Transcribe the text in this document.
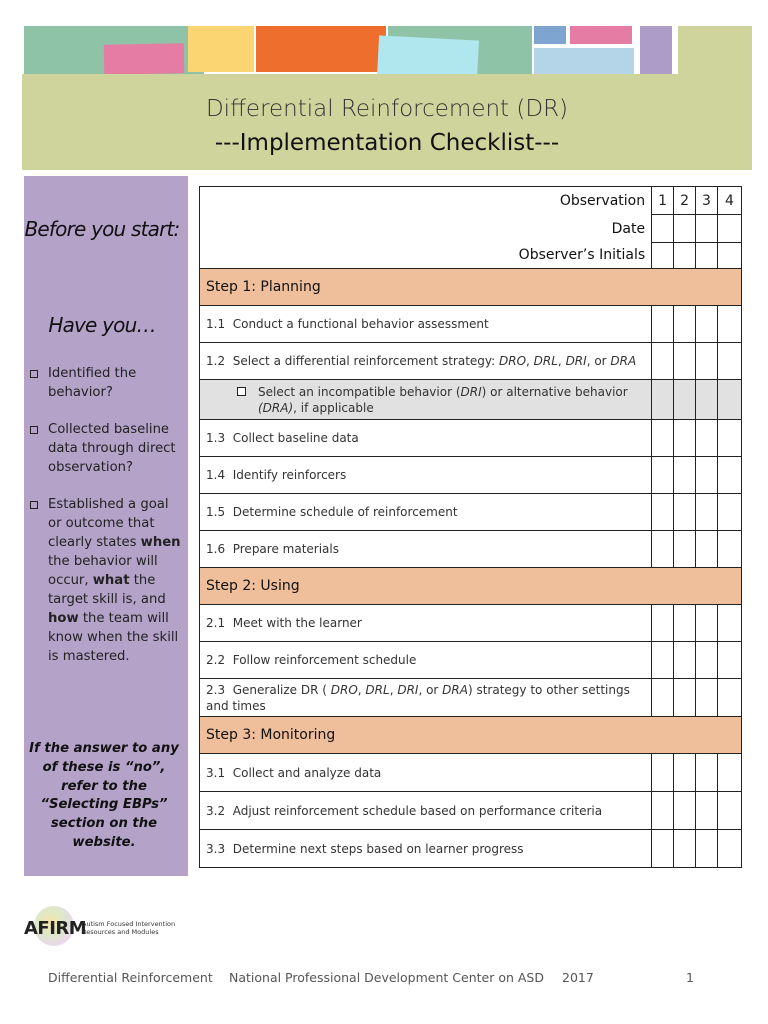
Differential Reinforcement (DR)
---Implementation Checklist---
Before you start:
Have you…
Identified the behavior?
Collected baseline data through direct observation?
Established a goal or outcome that clearly states when the behavior will occur, what the target skill is, and how the team will know when the skill is mastered.
If the answer to any of these is “no”, refer to the “Selecting EBPs” section on the website.
Observation	1	2	3	4
Date				
Observer’s Initials				
Step 1: Planning				
1.1 Conduct a functional behavior assessment				
1.2 Select a differential reinforcement strategy: DRO, DRL, DRI, or DRA				

Select an incompatible behavior (DRI) or alternative behavior (DRA), if applicable				

1.3 Collect baseline data				
1.4 Identify reinforcers				
1.5 Determine schedule of reinforcement				
1.6 Prepare materials				
Step 2: Using				
2.1 Meet with the learner				
2.2 Follow reinforcement schedule				
2.3 Generalize DR ( DRO, DRL, DRI, or DRA) strategy to other settings and times				
Step 3: Monitoring				
3.1 Collect and analyze data				
3.2 Adjust reinforcement schedule based on performance criteria				
3.3 Determine next steps based on learner progress				
AFIRM
Autism Focused Intervention Resources and Modules
Differential Reinforcement National Professional Development Center on ASD 2017	1
